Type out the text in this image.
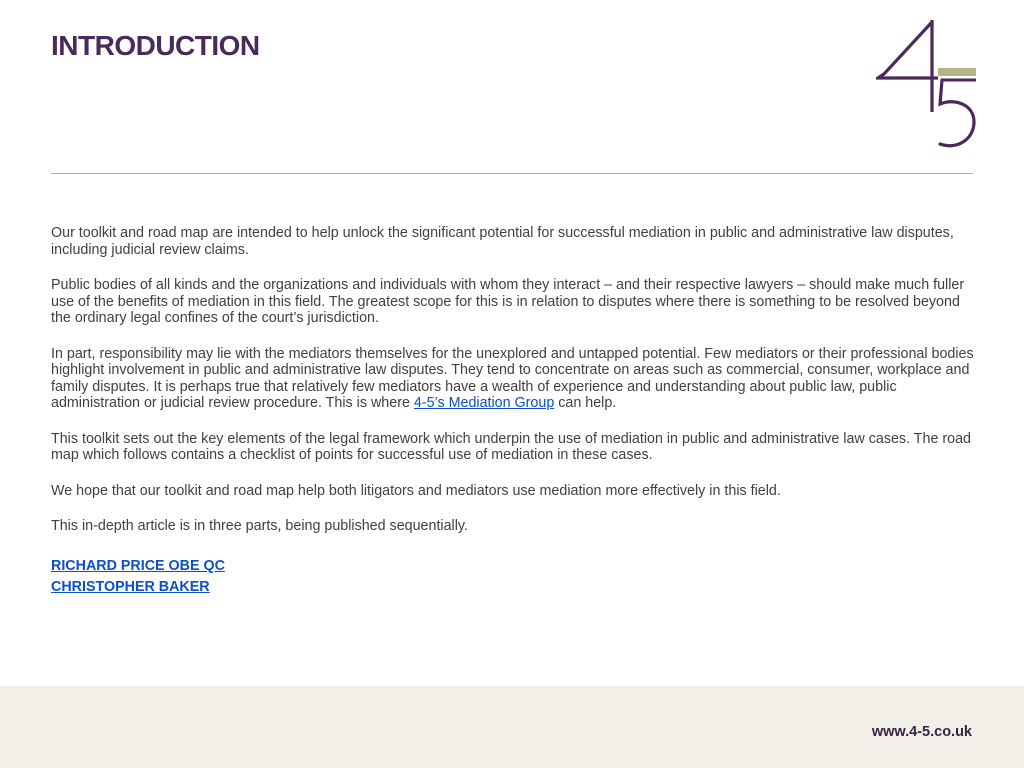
INTRODUCTION

Our toolkit and road map are intended to help unlock the significant potential for successful mediation in public and administrative law disputes, including judicial review claims.

Public bodies of all kinds and the organizations and individuals with whom they interact – and their respective lawyers – should make much fuller use of the benefits of mediation in this field. The greatest scope for this is in relation to disputes where there is something to be resolved beyond the ordinary legal confines of the court’s jurisdiction.

In part, responsibility may lie with the mediators themselves for the unexplored and untapped potential. Few mediators or their professional bodies highlight involvement in public and administrative law disputes. They tend to concentrate on areas such as commercial, consumer, workplace and family disputes. It is perhaps true that relatively few mediators have a wealth of experience and understanding about public law, public administration or judicial review procedure. This is where 4-5’s Mediation Group can help.

This toolkit sets out the key elements of the legal framework which underpin the use of mediation in public and administrative law cases. The road map which follows contains a checklist of points for successful use of mediation in these cases.

We hope that our toolkit and road map help both litigators and mediators use mediation more effectively in this field.

This in-depth article is in three parts, being published sequentially.

RICHARD PRICE OBE QC
CHRISTOPHER BAKER
www.4-5.co.uk
